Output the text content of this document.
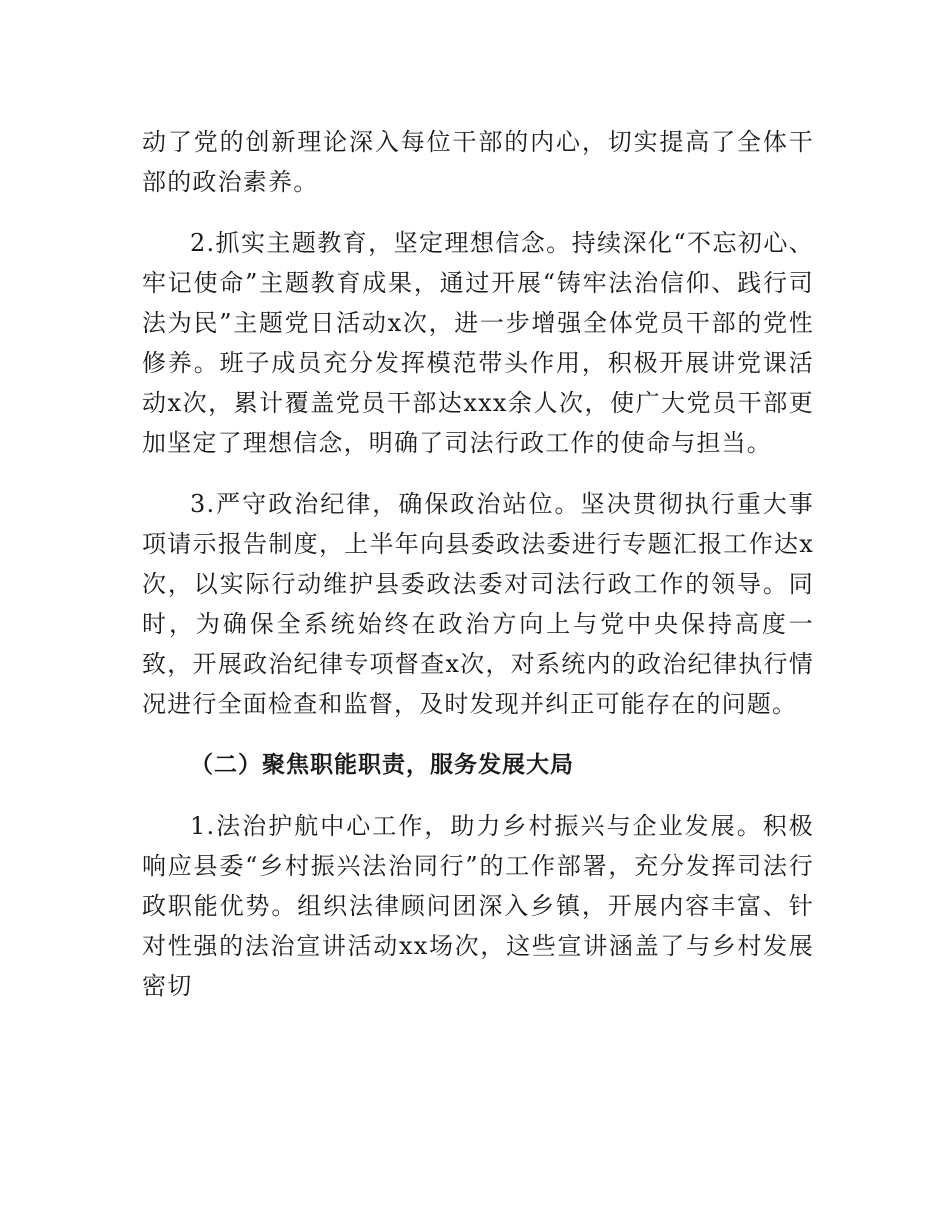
动了党的创新理论深入每位干部的内心，切实提高了全体干部的政治素养。

2.抓实主题教育，坚定理想信念。持续深化“不忘初心、牢记使命”主题教育成果，通过开展“铸牢法治信仰、践行司法为民”主题党日活动x次，进一步增强全体党员干部的党性修养。班子成员充分发挥模范带头作用，积极开展讲党课活动x次，累计覆盖党员干部达xxx余人次，使广大党员干部更加坚定了理想信念，明确了司法行政工作的使命与担当。

3.严守政治纪律，确保政治站位。坚决贯彻执行重大事项请示报告制度，上半年向县委政法委进行专题汇报工作达x次，以实际行动维护县委政法委对司法行政工作的领导。同时，为确保全系统始终在政治方向上与党中央保持高度一致，开展政治纪律专项督查x次，对系统内的政治纪律执行情况进行全面检查和监督，及时发现并纠正可能存在的问题。

（二）聚焦职能职责，服务发展大局

1.法治护航中心工作，助力乡村振兴与企业发展。积极响应县委“乡村振兴法治同行”的工作部署，充分发挥司法行政职能优势。组织法律顾问团深入乡镇，开展内容丰富、针对性强的法治宣讲活动xx场次，这些宣讲涵盖了与乡村发展密切
